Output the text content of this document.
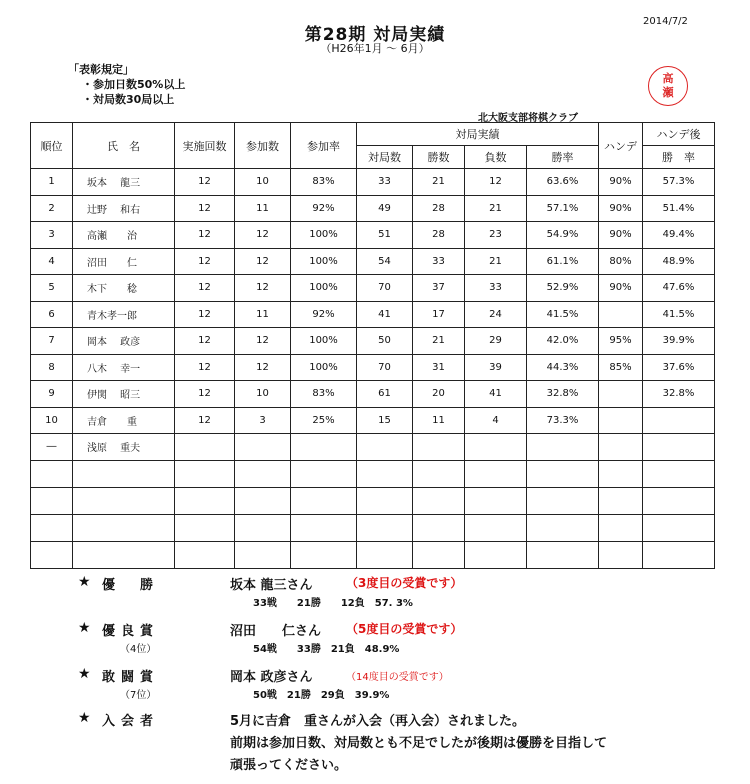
第28期 対局実績
（H26年1月 ～ 6月）
2014/7/2
「表彰規定」
・参加日数50%以上
・対局数30局以上
高
瀬
北大阪支部将棋クラブ
順位	氏　名	実施回数	参加数	参加率	対局実績				ハンデ	ハンデ後
					対局数	勝数	負数	勝率		勝　率
1	坂本　 龍三	12	10	83%	33	21	12	63.6%	90%	57.3%
2	辻野　 和右	12	11	92%	49	28	21	57.1%	90%	51.4%
3	高瀬　　治	12	12	100%	51	28	23	54.9%	90%	49.4%
4	沼田　　仁	12	12	100%	54	33	21	61.1%	80%	48.9%
5	木下　　稔	12	12	100%	70	37	33	52.9%	90%	47.6%
6	青木孝一郎	12	11	92%	41	17	24	41.5%		41.5%
7	岡本　 政彦	12	12	100%	50	21	29	42.0%	95%	39.9%
8	八木　 幸一	12	12	100%	70	31	39	44.3%	85%	37.6%
9	伊関　 昭三	12	10	83%	61	20	41	32.8%		32.8%
10	吉倉　　重	12	3	25%	15	11	4	73.3%		
―	浅原　 重夫									

★ 優　勝	坂本 龍三さん	（3度目の受賞です）
33戦　　21勝　　12負　57. 3%
★ 優良賞
（4位）
沼田　　仁さん （5度目の受賞です）
54戦　　33勝　21負　48.9%
★ 敢闘賞
（7位）
岡本 政彦さん	（14度目の受賞です）
50戦　21勝　29負　39.9%
★ 入会者	5月に吉倉　重さんが入会（再入会）されました。
前期は参加日数、対局数とも不足でしたが後期は優勝を目指して
頑張ってください。
